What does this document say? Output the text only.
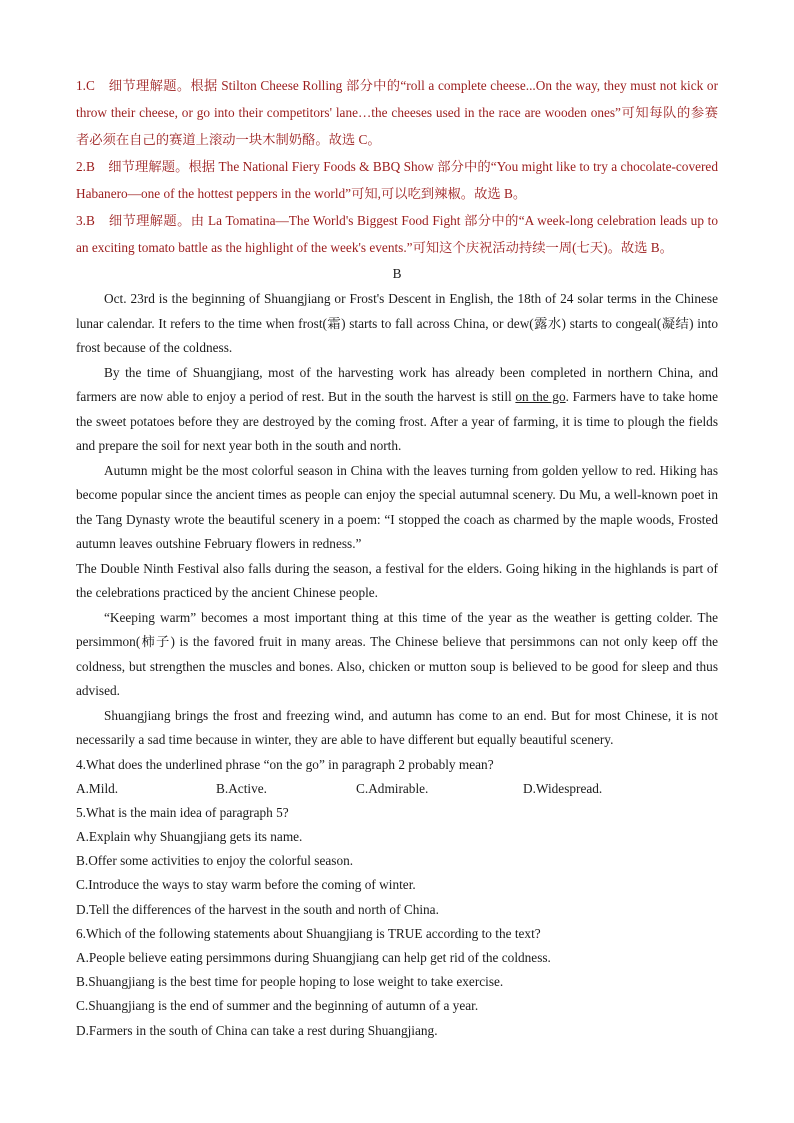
1.C　细节理解题。根据 Stilton Cheese Rolling 部分中的“roll a complete cheese...On the way, they must not kick or throw their cheese, or go into their competitors' lane…the cheeses used in the race are wooden ones”可知每队的参赛者必须在自己的赛道上滚动一块木制奶酪。故选 C。

2.B　细节理解题。根据 The National Fiery Foods & BBQ Show 部分中的“You might like to try a chocolate-covered Habanero—one of the hottest peppers in the world”可知,可以吃到辣椒。故选 B。

3.B　细节理解题。由 La Tomatina—The World's Biggest Food Fight 部分中的“A week-long celebration leads up to an exciting tomato battle as the highlight of the week's events.”可知这个庆祝活动持续一周(七天)。故选 B。

B

Oct. 23rd is the beginning of Shuangjiang or Frost's Descent in English, the 18th of 24 solar terms in the Chinese lunar calendar. It refers to the time when frost(霜) starts to fall across China, or dew(露水) starts to congeal(凝结) into frost because of the coldness.

By the time of Shuangjiang, most of the harvesting work has already been completed in northern China, and farmers are now able to enjoy a period of rest. But in the south the harvest is still on the go. Farmers have to take home the sweet potatoes before they are destroyed by the coming frost. After a year of farming, it is time to plough the fields and prepare the soil for next year both in the south and north.

Autumn might be the most colorful season in China with the leaves turning from golden yellow to red. Hiking has become popular since the ancient times as people can enjoy the special autumnal scenery. Du Mu, a well-known poet in the Tang Dynasty wrote the beautiful scenery in a poem: “I stopped the coach as charmed by the maple woods, Frosted autumn leaves outshine February flowers in redness.”

The Double Ninth Festival also falls during the season, a festival for the elders. Going hiking in the highlands is part of the celebrations practiced by the ancient Chinese people.

“Keeping warm” becomes a most important thing at this time of the year as the weather is getting colder. The persimmon(柿子) is the favored fruit in many areas. The Chinese believe that persimmons can not only keep off the coldness, but strengthen the muscles and bones. Also, chicken or mutton soup is believed to be good for sleep and thus advised.

Shuangjiang brings the frost and freezing wind, and autumn has come to an end. But for most Chinese, it is not necessarily a sad time because in winter, they are able to have different but equally beautiful scenery.

4.What does the underlined phrase “on the go” in paragraph 2 probably mean?

A.Mild.	B.Active.	C.Admirable.	D.Widespread.

5.What is the main idea of paragraph 5?

A.Explain why Shuangjiang gets its name.

B.Offer some activities to enjoy the colorful season.

C.Introduce the ways to stay warm before the coming of winter.

D.Tell the differences of the harvest in the south and north of China.

6.Which of the following statements about Shuangjiang is TRUE according to the text?

A.People believe eating persimmons during Shuangjiang can help get rid of the coldness.

B.Shuangjiang is the best time for people hoping to lose weight to take exercise.

C.Shuangjiang is the end of summer and the beginning of autumn of a year.

D.Farmers in the south of China can take a rest during Shuangjiang.
